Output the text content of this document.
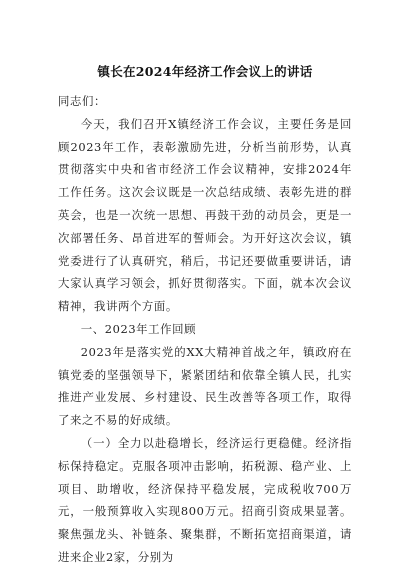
镇长在2024年经济工作会议上的讲话

同志们：

今天，我们召开X镇经济工作会议，主要任务是回顾2023年工作，表彰激励先进，分析当前形势，认真贯彻落实中央和省市经济工作会议精神，安排2024年工作任务。这次会议既是一次总结成绩、表彰先进的群英会，也是一次统一思想、再鼓干劲的动员会，更是一次部署任务、昂首进军的誓师会。为开好这次会议，镇党委进行了认真研究，稍后，书记还要做重要讲话，请大家认真学习领会，抓好贯彻落实。下面，就本次会议精神，我讲两个方面。

一、2023年工作回顾

2023年是落实党的XX大精神首战之年，镇政府在镇党委的坚强领导下，紧紧团结和依靠全镇人民，扎实推进产业发展、乡村建设、民生改善等各项工作，取得了来之不易的好成绩。

（一）全力以赴稳增长，经济运行更稳健。经济指标保持稳定。克服各项冲击影响，拓税源、稳产业、上项目、助增收，经济保持平稳发展，完成税收700万元，一般预算收入实现800万元。招商引资成果显著。聚焦强龙头、补链条、聚集群，不断拓宽招商渠道，请进来企业2家，分别为
